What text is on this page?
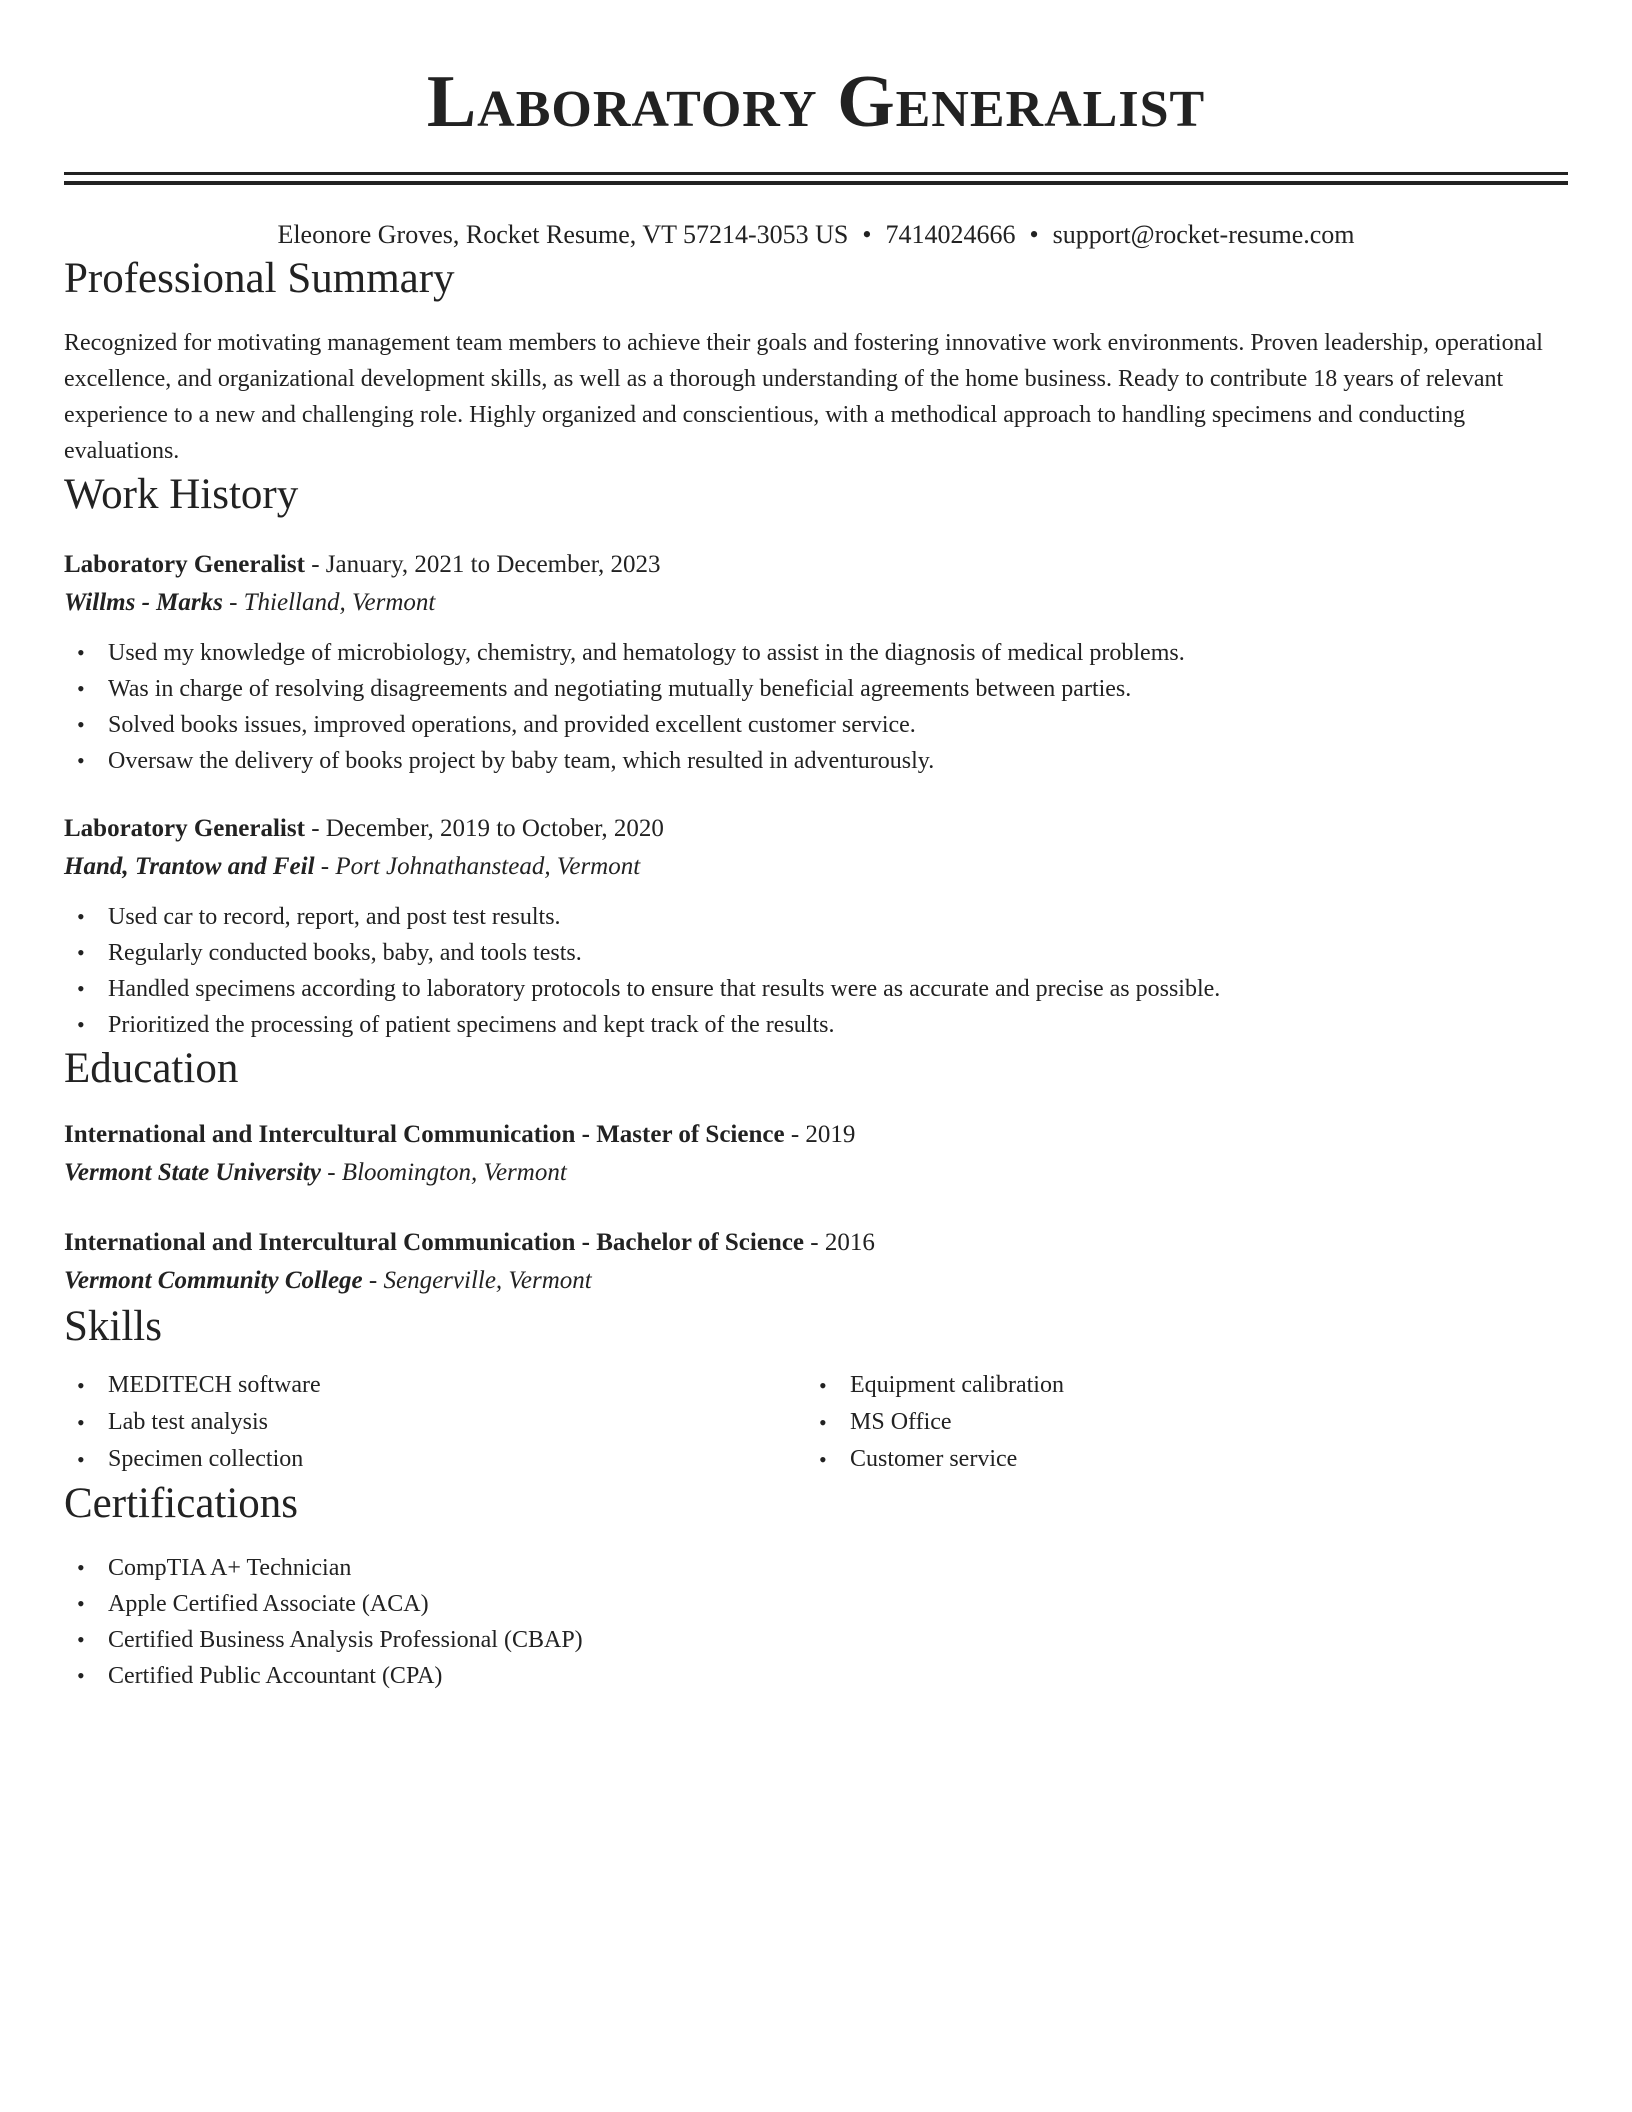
Laboratory Generalist
Eleonore Groves, Rocket Resume, VT 57214-3053 US • 7414024666 • support@rocket-resume.com
Professional Summary

Recognized for motivating management team members to achieve their goals and fostering innovative work environments. Proven leadership, operational excellence, and organizational development skills, as well as a thorough understanding of the home business. Ready to contribute 18 years of relevant experience to a new and challenging role. Highly organized and conscientious, with a methodical approach to handling specimens and conducting evaluations.

Work History
Laboratory Generalist - January, 2021 to December, 2023
Willms - Marks - Thielland, Vermont
• Used my knowledge of microbiology, chemistry, and hematology to assist in the diagnosis of medical problems.
• Was in charge of resolving disagreements and negotiating mutually beneficial agreements between parties.
• Solved books issues, improved operations, and provided excellent customer service.
• Oversaw the delivery of books project by baby team, which resulted in adventurously.
Laboratory Generalist - December, 2019 to October, 2020
Hand, Trantow and Feil - Port Johnathanstead, Vermont
• Used car to record, report, and post test results.
• Regularly conducted books, baby, and tools tests.
• Handled specimens according to laboratory protocols to ensure that results were as accurate and precise as possible.
• Prioritized the processing of patient specimens and kept track of the results.
Education
International and Intercultural Communication - Master of Science - 2019
Vermont State University - Bloomington, Vermont
International and Intercultural Communication - Bachelor of Science - 2016
Vermont Community College - Sengerville, Vermont
Skills
• MEDITECH software
• Lab test analysis
• Specimen collection
• Equipment calibration
• MS Office
• Customer service
Certifications
• CompTIA A+ Technician
• Apple Certified Associate (ACA)
• Certified Business Analysis Professional (CBAP)
• Certified Public Accountant (CPA)
